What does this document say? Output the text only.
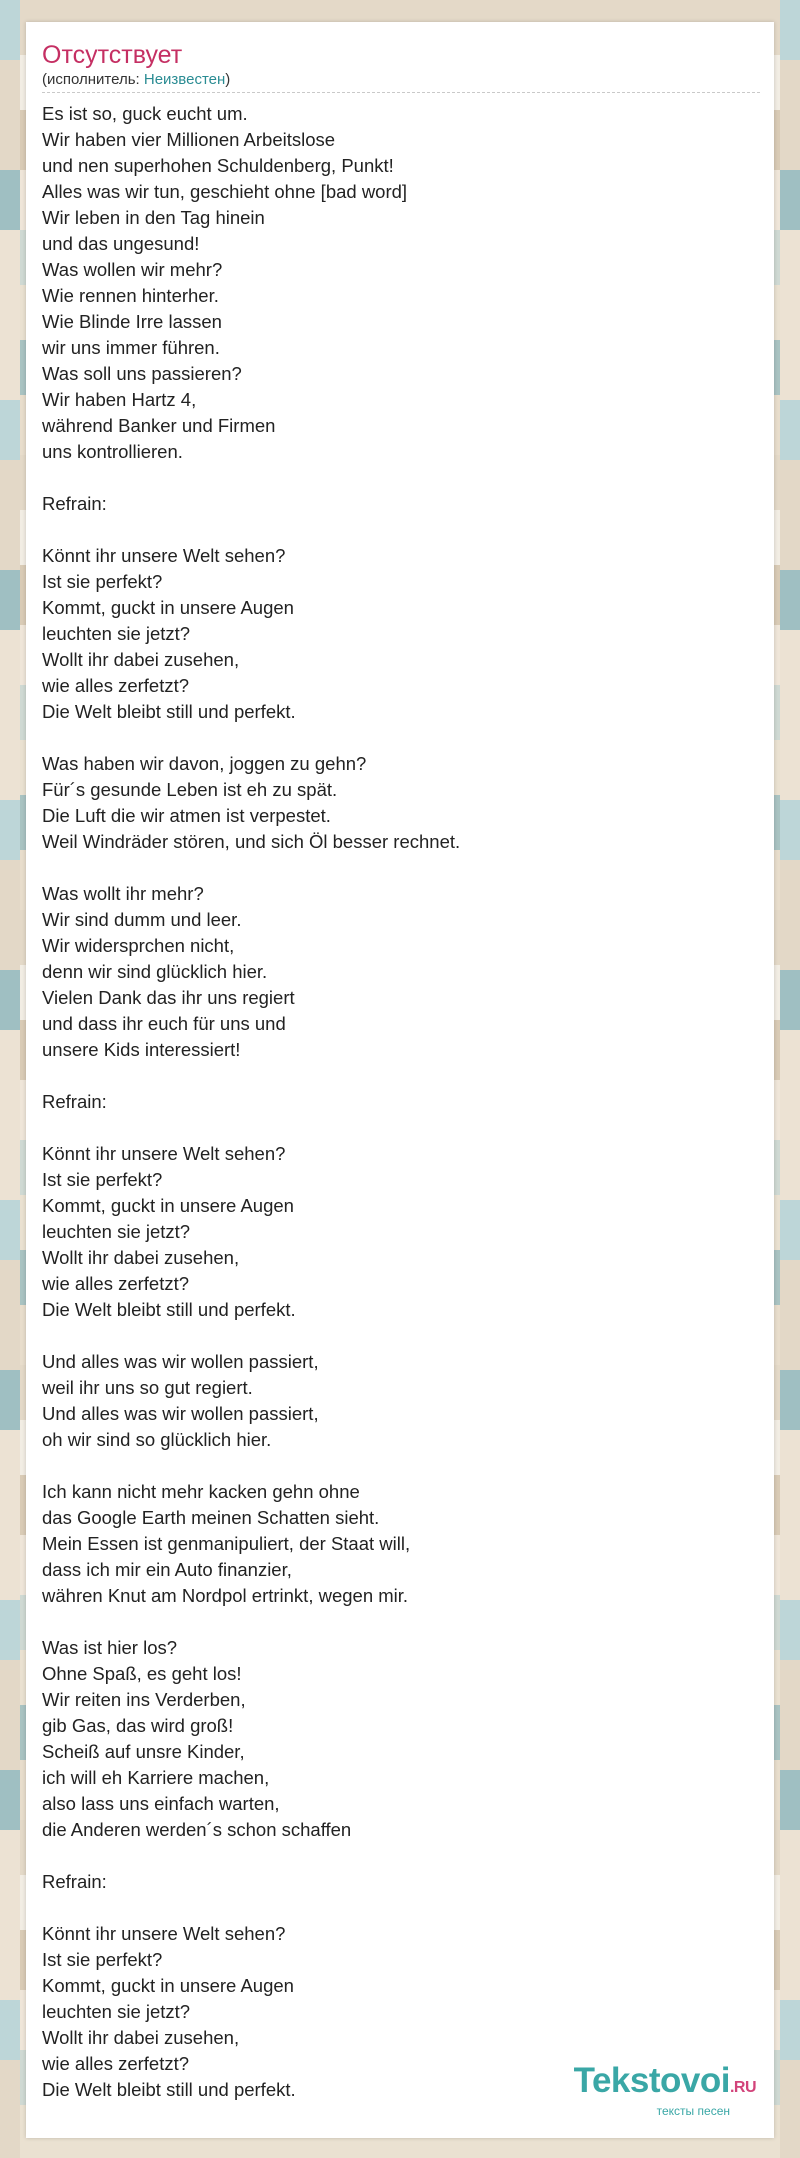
Отсутствует
(исполнитель: Неизвестен)
Es ist so, guck eucht um.
Wir haben vier Millionen Arbeitslose
und nen superhohen Schuldenberg, Punkt!
Alles was wir tun, geschieht ohne [bad word]
Wir leben in den Tag hinein
und das ungesund!
Was wollen wir mehr?
Wie rennen hinterher.
Wie Blinde Irre lassen
wir uns immer führen.
Was soll uns passieren?
Wir haben Hartz 4,
während Banker und Firmen
uns kontrollieren.
Refrain:
Könnt ihr unsere Welt sehen?
Ist sie perfekt?
Kommt, guckt in unsere Augen
leuchten sie jetzt?
Wollt ihr dabei zusehen,
wie alles zerfetzt?
Die Welt bleibt still und perfekt.
Was haben wir davon, joggen zu gehn?
Für´s gesunde Leben ist eh zu spät.
Die Luft die wir atmen ist verpestet.
Weil Windräder stören, und sich Öl besser rechnet.
Was wollt ihr mehr?
Wir sind dumm und leer.
Wir widersprchen nicht,
denn wir sind glücklich hier.
Vielen Dank das ihr uns regiert
und dass ihr euch für uns und
unsere Kids interessiert!
Refrain:
Könnt ihr unsere Welt sehen?
Ist sie perfekt?
Kommt, guckt in unsere Augen
leuchten sie jetzt?
Wollt ihr dabei zusehen,
wie alles zerfetzt?
Die Welt bleibt still und perfekt.
Und alles was wir wollen passiert,
weil ihr uns so gut regiert.
Und alles was wir wollen passiert,
oh wir sind so glücklich hier.
Ich kann nicht mehr kacken gehn ohne
das Google Earth meinen Schatten sieht.
Mein Essen ist genmanipuliert, der Staat will,
dass ich mir ein Auto finanzier,
währen Knut am Nordpol ertrinkt, wegen mir.
Was ist hier los?
Ohne Spaß, es geht los!
Wir reiten ins Verderben,
gib Gas, das wird groß!
Scheiß auf unsre Kinder,
ich will eh Karriere machen,
also lass uns einfach warten,
die Anderen werden´s schon schaffen
Refrain:
Könnt ihr unsere Welt sehen?
Ist sie perfekt?
Kommt, guckt in unsere Augen
leuchten sie jetzt?
Wollt ihr dabei zusehen,
wie alles zerfetzt?
Die Welt bleibt still und perfekt.	Tekstovoi.RU
тексты песен
